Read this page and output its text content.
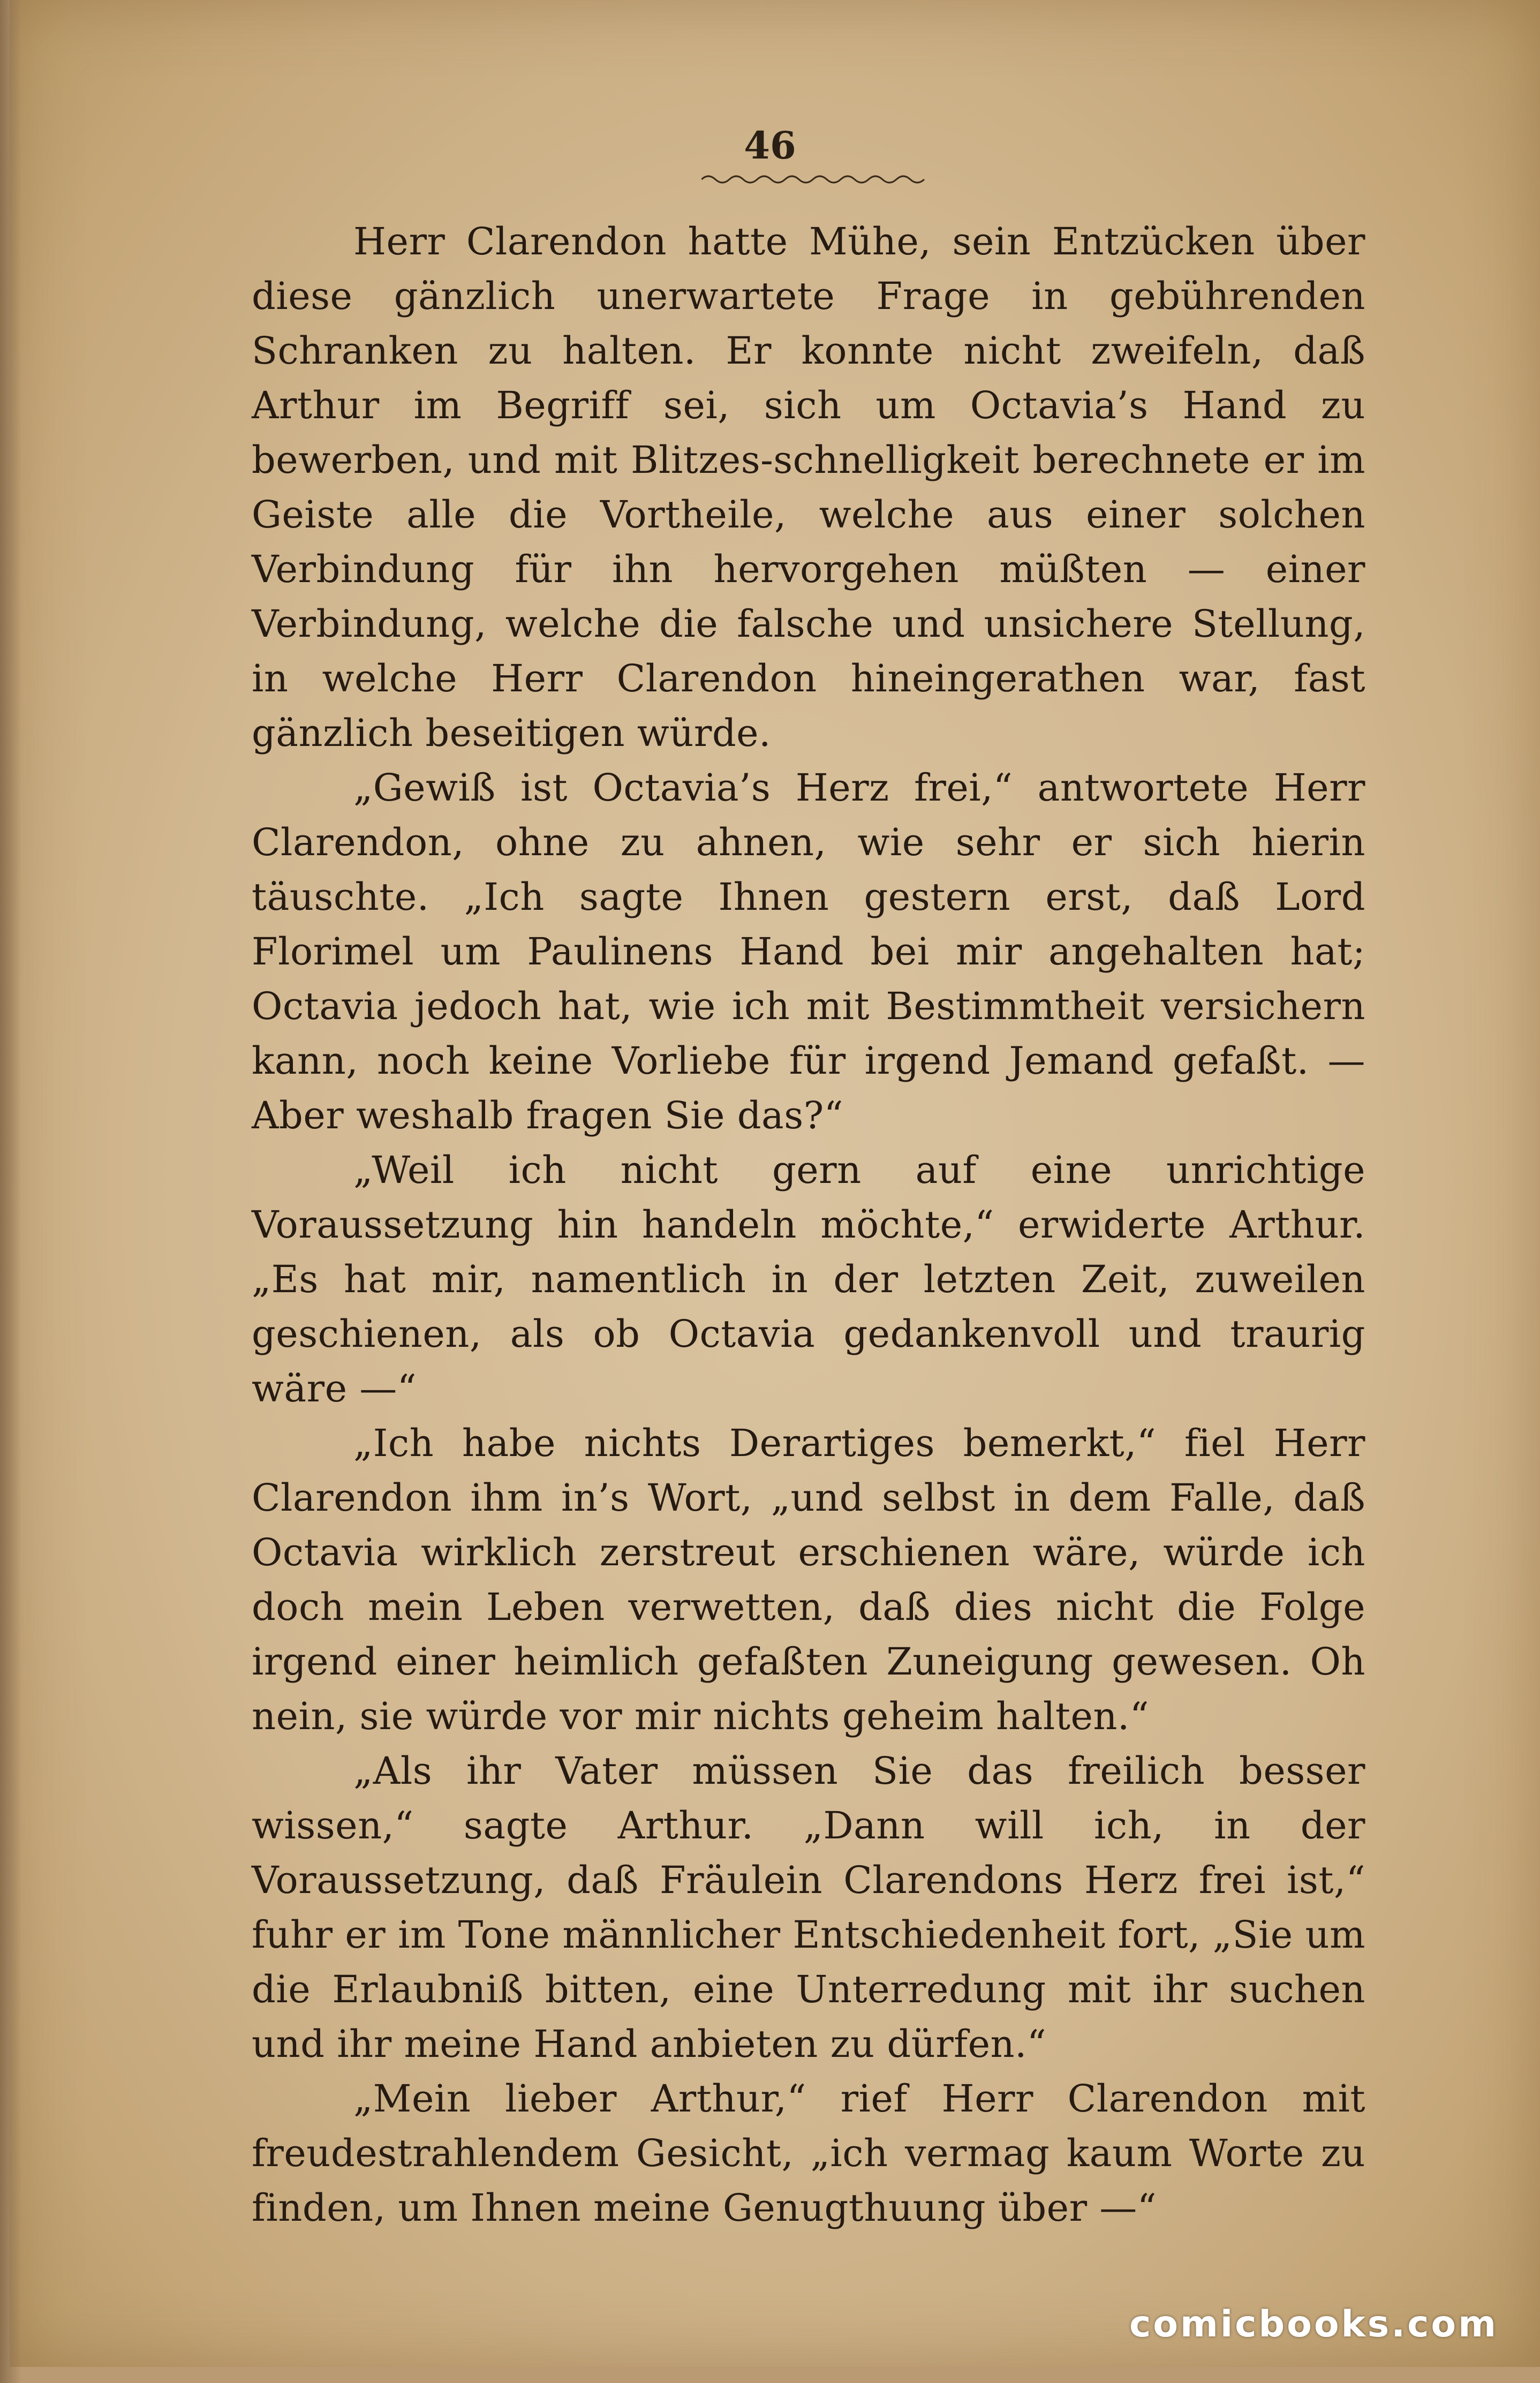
46

Herr Clarendon hatte Mühe, sein Entzücken über diese gänzlich unerwartete Frage in gebührenden Schranken zu halten. Er konnte nicht zweifeln, daß Arthur im Begriff sei, sich um Octavia’s Hand zu bewerben, und mit Blitzes-schnelligkeit berechnete er im Geiste alle die Vortheile, welche aus einer solchen Verbindung für ihn hervorgehen müßten — einer Verbindung, welche die falsche und unsichere Stellung, in welche Herr Clarendon hineingerathen war, fast gänzlich beseitigen würde.

„Gewiß ist Octavia’s Herz frei,“ antwortete Herr Clarendon, ohne zu ahnen, wie sehr er sich hierin täuschte. „Ich sagte Ihnen gestern erst, daß Lord Florimel um Paulinens Hand bei mir angehalten hat; Octavia jedoch hat, wie ich mit Bestimmtheit versichern kann, noch keine Vorliebe für irgend Jemand gefaßt. — Aber weshalb fragen Sie das?“

„Weil ich nicht gern auf eine unrichtige Voraussetzung hin handeln möchte,“ erwiderte Arthur. „Es hat mir, namentlich in der letzten Zeit, zuweilen geschienen, als ob Octavia gedankenvoll und traurig wäre —“

„Ich habe nichts Derartiges bemerkt,“ fiel Herr Clarendon ihm in’s Wort, „und selbst in dem Falle, daß Octavia wirklich zerstreut erschienen wäre, würde ich doch mein Leben verwetten, daß dies nicht die Folge irgend einer heimlich gefaßten Zuneigung gewesen. Oh nein, sie würde vor mir nichts geheim halten.“

„Als ihr Vater müssen Sie das freilich besser wissen,“ sagte Arthur. „Dann will ich, in der Voraussetzung, daß Fräulein Clarendons Herz frei ist,“ fuhr er im Tone männlicher Entschiedenheit fort, „Sie um die Erlaubniß bitten, eine Unterredung mit ihr suchen und ihr meine Hand anbieten zu dürfen.“

„Mein lieber Arthur,“ rief Herr Clarendon mit freudestrahlendem Gesicht, „ich vermag kaum Worte zu finden, um Ihnen meine Genugthuung über —“

comicbooks.com
